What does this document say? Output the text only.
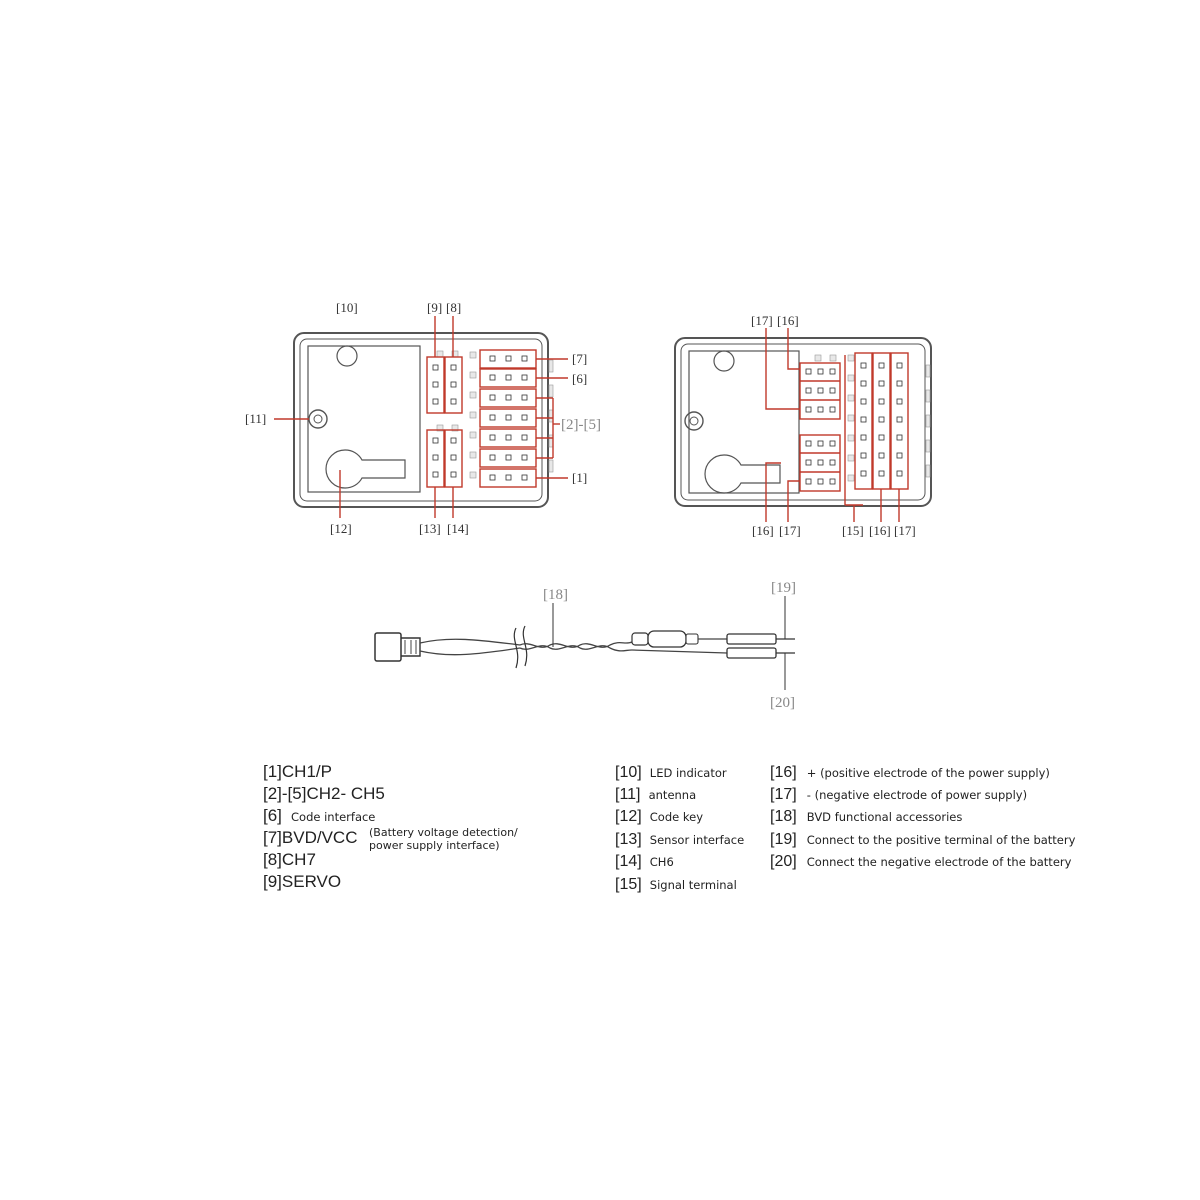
[10]	[9] [8]
[7]
[6]
[2]-[5]
[1]
[11]
[12]	[13] [14]
[17] [16]
[16] [17]	[15] [16] [17]
[18]	[19]
[20]
[1]CH1/P
[2]-[5]CH2- CH5
[6] Code interface
[7]BVD/VCC (Battery voltage detection/
power supply interface)
[8]CH7
[9]SERVO
[10] LED indicator
[11] antenna
[12] Code key
[13] Sensor interface
[14] CH6
[15] Signal terminal
[16] + (positive electrode of the power supply)
[17] - (negative electrode of power supply)
[18] BVD functional accessories
[19] Connect to the positive terminal of the battery
[20] Connect the negative electrode of the battery
